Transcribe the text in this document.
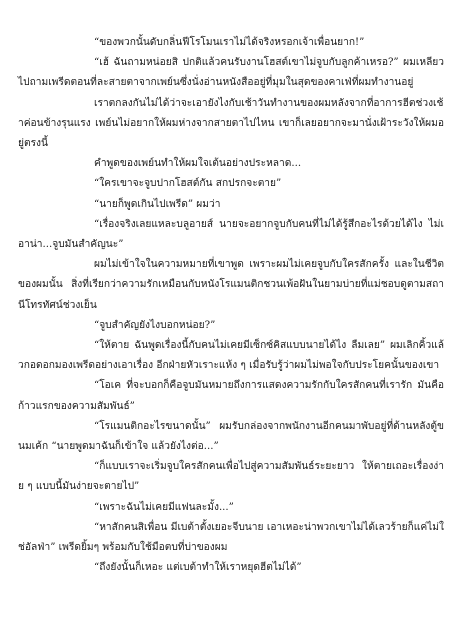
“ของพวกนั้นดับกลิ่นฟีโรโมนเราไม่ได้จริงหรอกเจ้าเพื่อนยาก!”

“เฮ้ ฉันถามหน่อยสิ ปกติแล้วคนรับงานโฮสต์เขาไม่จูบกับลูกค้าเหรอ?” ผมเหลียวไปถามเพรีดตอนที่ละสายตาจากเพย์นซึ่งนั่งอ่านหนังสืออยู่ที่มุมในสุดของคาเฟ่ที่ผมทำงานอยู่

เราตกลงกันไม่ได้ว่าจะเอายังไงกับเช้าวันทำงานของผมหลังจากที่อาการฮีตช่วงเช้าค่อนข้างรุนแรง เพย์นไม่อยากให้ผมห่างจากสายตาไปไหน เขาก็เลยอยากจะมานั่งเฝ้าระวังให้ผมอยู่ตรงนี้

คำพูดของเพย์นทำให้ผมใจเต้นอย่างประหลาด...

“ใครเขาจะจูบปากโฮสต์กัน สกปรกจะตาย”

“นายก็พูดเกินไปเพรีด” ผมว่า

“เรื่องจริงเลยแหละบลูอายส์ นายจะอยากจูบกับคนที่ไม่ได้รู้สึกอะไรด้วยได้ไง ไม่เอาน่า...จูบมันสำคัญนะ”

ผมไม่เข้าใจในความหมายที่เขาพูด เพราะผมไม่เคยจูบกับใครสักครั้ง และในชีวิตของผมนั้น สิ่งที่เรียกว่าความรักเหมือนกับหนังโรแมนติกชวนเพ้อฝันในยามบ่ายที่แม่ชอบดูตามสถานีโทรทัศน์ช่วงเย็น

“จูบสำคัญยังไงบอกหน่อย?”

“ให้ตาย ฉันพูดเรื่องนี้กับคนไม่เคยมีเซ็กซ์คิสแบบนายได้ไง ลืมเลย” ผมเลิกคิ้วแล้วกอดอกมองเพรีดอย่างเอาเรื่อง อีกฝ่ายหัวเราะแห้ง ๆ เมื่อรับรู้ว่าผมไม่พอใจกับประโยคนั้นของเขา

“โอเค ที่จะบอกก็คือจูบมันหมายถึงการแสดงความรักกับใครสักคนที่เรารัก มันคือก้าวแรกของความสัมพันธ์”

“โรแมนติกอะไรขนาดนั้น” ผมรับกล่องจากพนักงานอีกคนมาพับอยู่ที่ด้านหลังตู้ขนมเค้ก “นายพูดมาฉันก็เข้าใจ แล้วยังไงต่อ...”

“ก็แบบเราจะเริ่มจูบใครสักคนเพื่อไปสู่ความสัมพันธ์ระยะยาว ให้ตายเถอะเรื่องง่าย ๆ แบบนี้มันง่ายจะตายไป”

“เพราะฉันไม่เคยมีแฟนละมั้ง...”

“หาสักคนสิเพื่อน มีเบต้าตั้งเยอะจีบนาย เอาเหอะน่าพวกเขาไม่ได้เลวร้ายก็แค่ไม่ใช่อัลฟ่า” เพรีดยิ้มๆ พร้อมกับใช้มือตบที่บ่าของผม

“ถึงยังนั้นก็เหอะ แต่เบต้าทำให้เราหยุดฮีตไม่ได้”
